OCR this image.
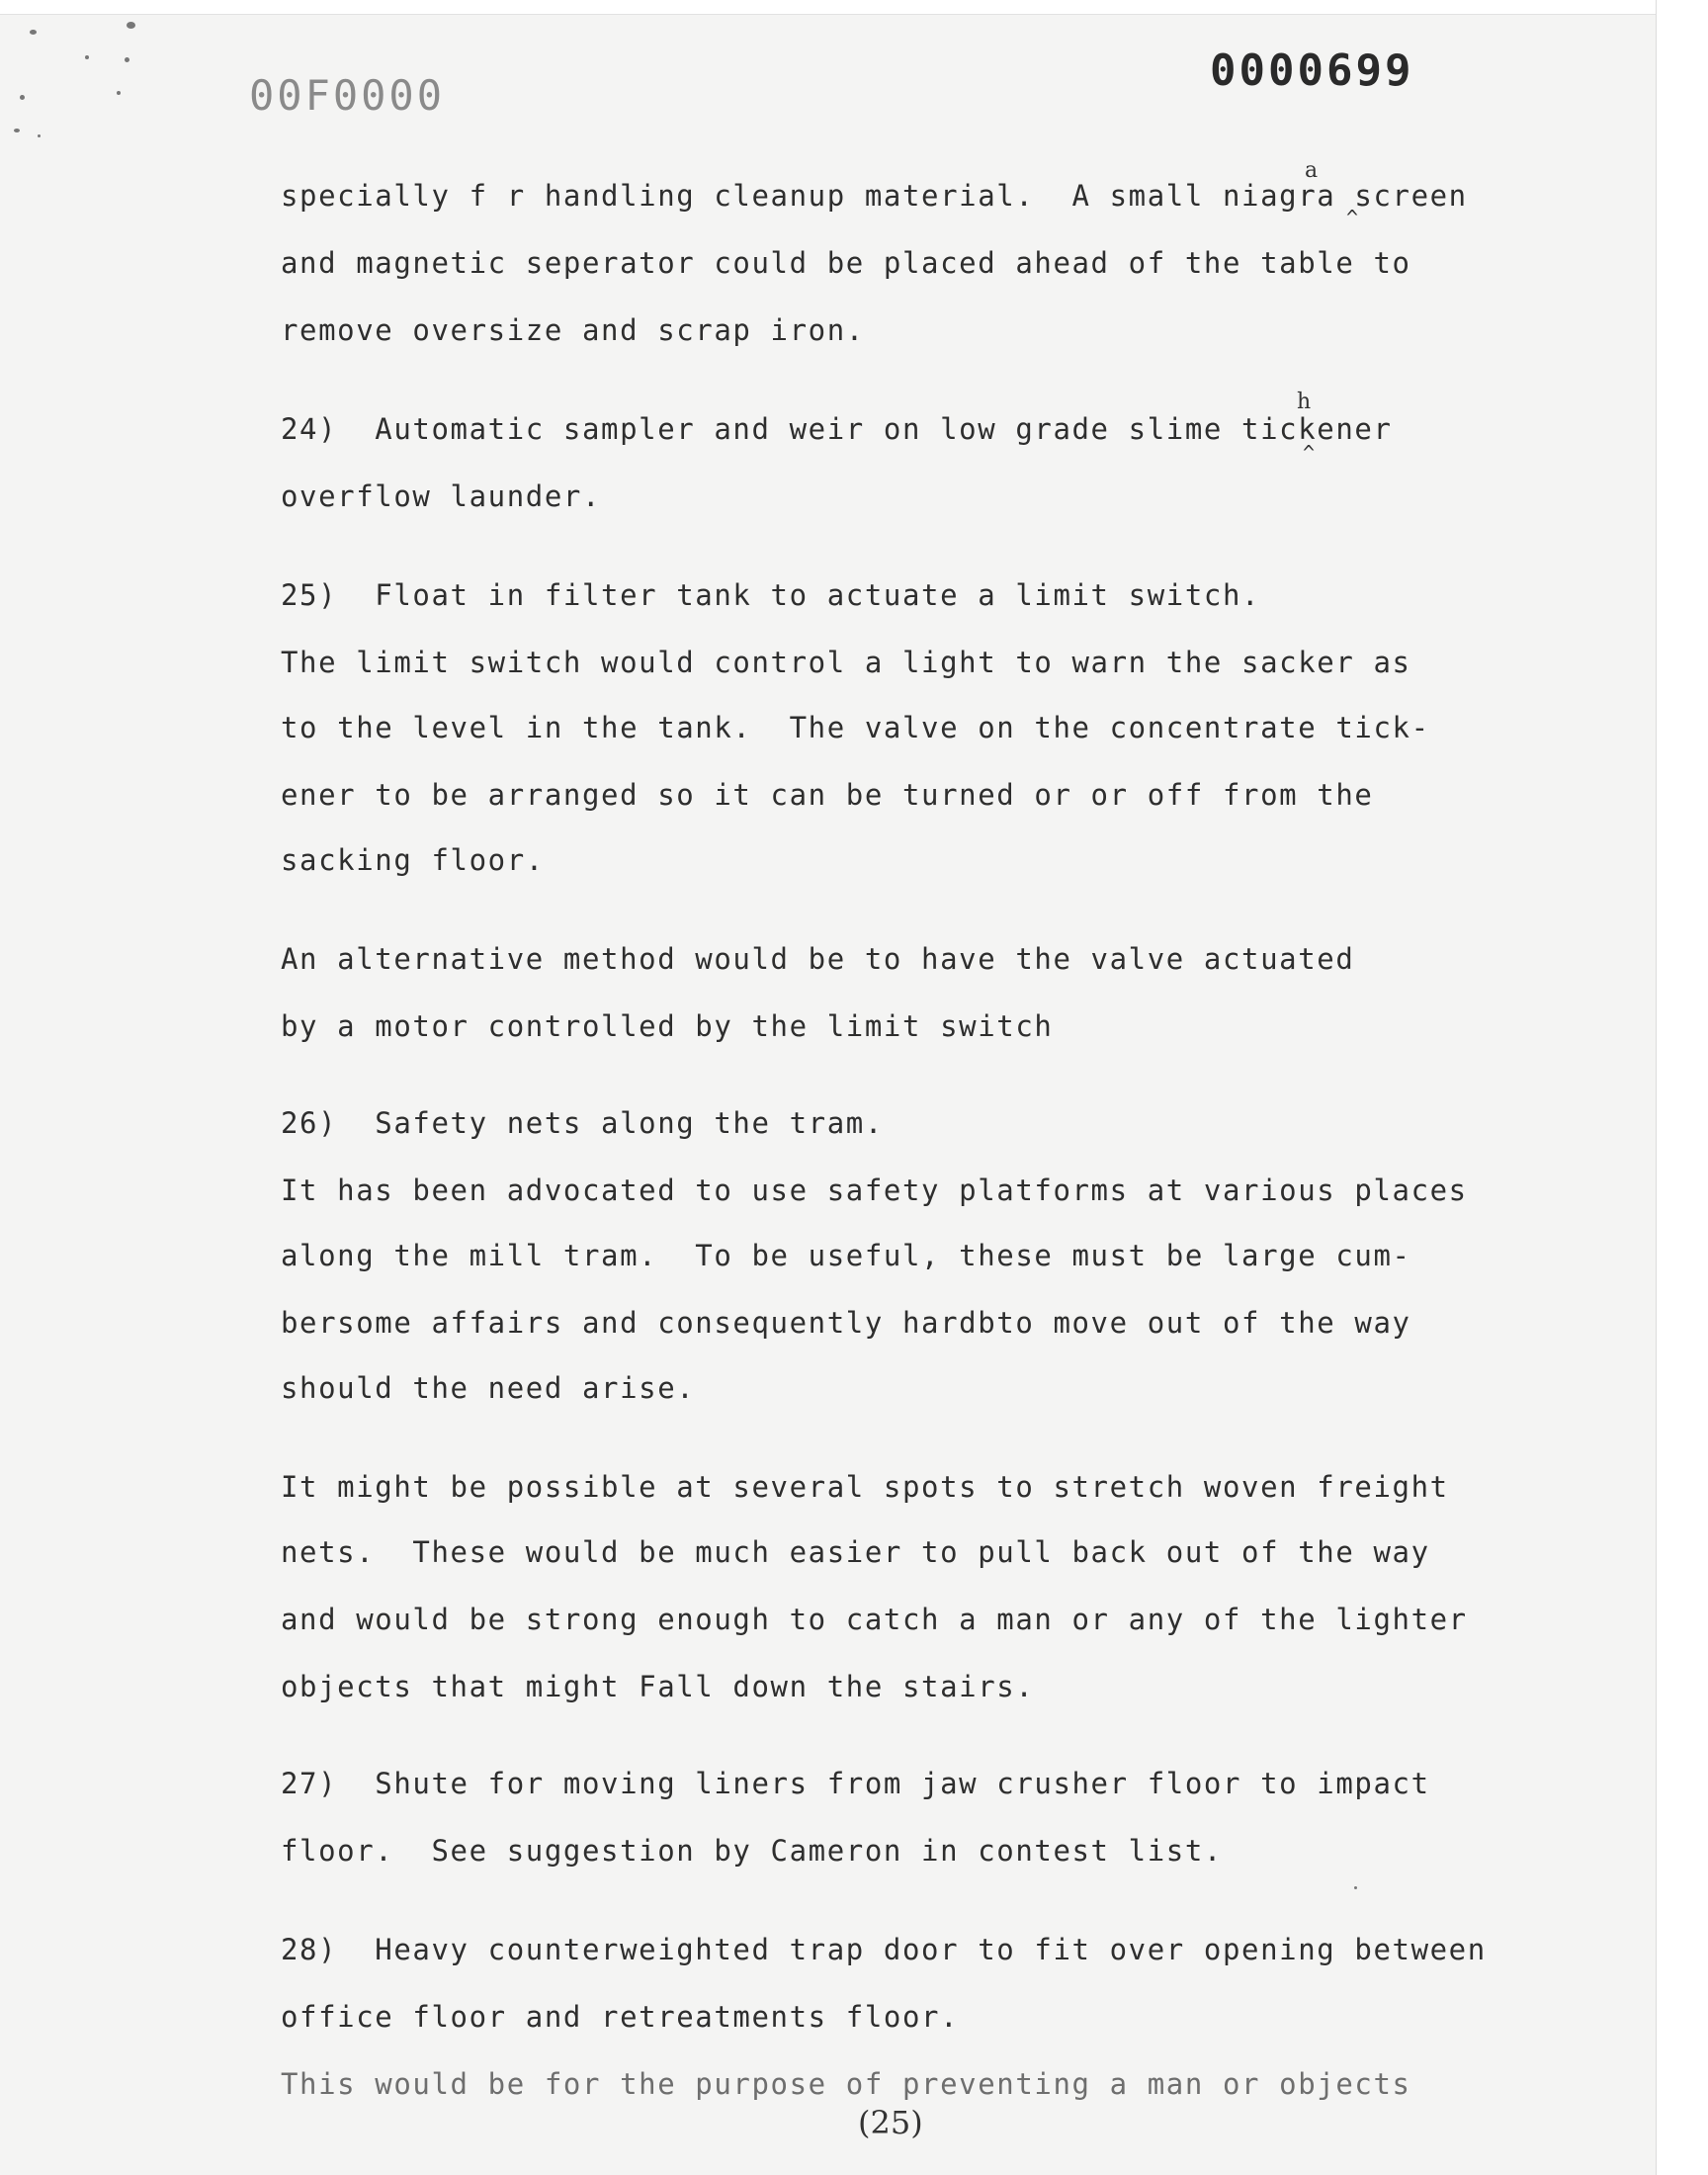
00F0000	0000699
specially f r handling cleanup material.  A small niagra screen
and magnetic seperator could be placed ahead of the table to
remove oversize and scrap iron.
24)  Automatic sampler and weir on low grade slime tickener
overflow launder.
25)  Float in filter tank to actuate a limit switch.
The limit switch would control a light to warn the sacker as
to the level in the tank.  The valve on the concentrate tick-
ener to be arranged so it can be turned or or off from the
sacking floor.
An alternative method would be to have the valve actuated
by a motor controlled by the limit switch
26)  Safety nets along the tram.
It has been advocated to use safety platforms at various places
along the mill tram.  To be useful, these must be large cum-
bersome affairs and consequently hardbto move out of the way
should the need arise.
It might be possible at several spots to stretch woven freight
nets.  These would be much easier to pull back out of the way
and would be strong enough to catch a man or any of the lighter
objects that might Fall down the stairs.
27)  Shute for moving liners from jaw crusher floor to impact
floor.  See suggestion by Cameron in contest list.
28)  Heavy counterweighted trap door to fit over opening between
office floor and retreatments floor.
This would be for the purpose of preventing a man or objects
a
^
h
^
(25)
